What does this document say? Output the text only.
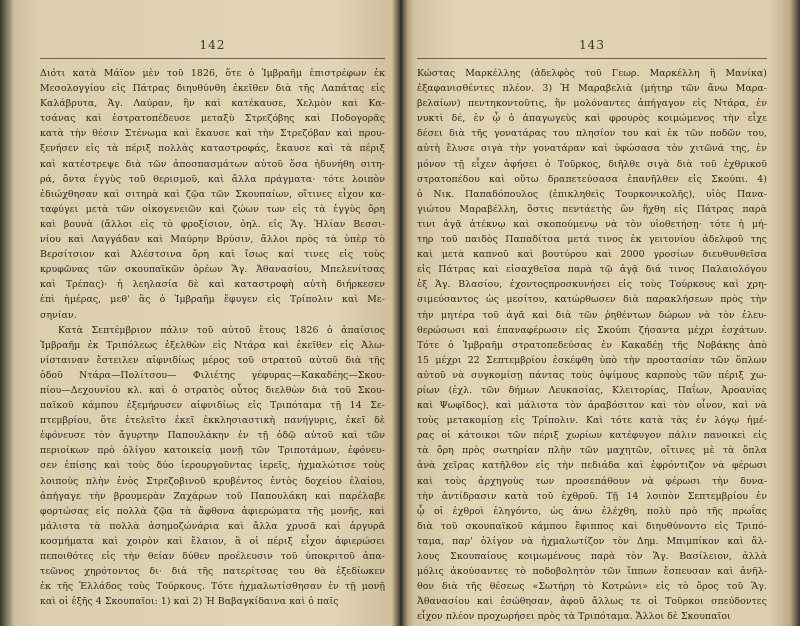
142
Διότι κατὰ Μάϊον μὲν τοῦ 1826, ὅτε ὁ Ἰμβραῆμ ἐπιστρέφων ἐκ
Μεσολογγίου εἰς Πάτρας διηυθύνθη ἐκεῖθεν διὰ τῆς Λαπάτας εἰς
Καλάβρυτα, Ἁγ. Λαύραν, ἣν καὶ κατέκαυσε, Χελμὸν καὶ Κα-
τσάνας καὶ ἐστρατοπέδευσε μεταξὺ Στρεζόβης καὶ Ποδογορᾶς
κατὰ τὴν θέσιν Στένωμα καὶ ἔκαυσε καὶ τὴν Στρεζόβαν καὶ πρου-
ξενήσεν εἰς τὰ πέριξ πολλὰς καταστροφάς, ἔκαυσε καὶ τὰ πέριξ
καὶ κατέστρεψε διὰ τῶν ἀποσπασμάτων αὐτοῦ ὅσα ἠδυνήθη σιτη-
ρά, ὄντα ἐγγὺς τοῦ θερισμοῦ, καὶ ἄλλα πράγματα· τότε λοιπὸν
ἐδιώχθησαν καὶ σιτηρὰ καὶ ζῷα τῶν Σκουπαίων, οἵτινες εἶχον κα-
ταφύγει μετὰ τῶν οἰκογενειῶν καὶ ζώων των εἰς τὰ ἐγγὺς ὄρη
καὶ βουνὰ (ἄλλοι εἰς τὸ φροξίσιον, ὀηλ. εἰς Ἅγ. Ἠλίαν Βεσσι-
νίου καὶ Λαγγάδαν καὶ Μαύρην Βρύσιν, ἄλλοι πρὸς τὰ ὑπὲρ τὸ
Βερσίτσιον καὶ Ἀλέστσινα ὄρη καὶ ἴσως καί τινες εἰς τοὺς
κρυφῶνας τῶν σκουπαϊκῶν ὀρέων Ἅγ. Ἀθανασίου, Μπελενίτσας
καὶ Τρέπας)· ἡ λεηλασία δὲ καὶ καταστροφὴ αὐτὴ διήρκεσεν
ἐπὶ ἡμέρας, μεθ' ἃς ὁ Ἰμβραῆμ ἔφυγεν εἰς Τρίπολιν καὶ Με-
σηνίαν.
Κατὰ Σεπτέμβριον πάλιν τοῦ αὐτοῦ ἔτους 1826 ὁ ἀπαίσιος
Ἰμβραῆμ ἐκ Τριπόλεως ἐξελθὼν εἰς Ντάρα καὶ ἐκεῖθεν εἰς Ἀλω-
νίσταιναν ἔστειλεν αἰφνιδίως μέρος τοῦ στρατοῦ αὐτοῦ διὰ τῆς
ὁδοῦ Ντάρα—Πολίτσου— Φιλιέτης γέφυρας—Κακαδέης—Σκου-
πίου—Δεχουνίου κλ. καὶ ὁ στρατὸς οὗτος διελθὼν διὰ τοῦ Σκου-
παϊκοῦ κάμπου ἐξεμήρυσεν αἰφνιδίως εἰς Τριπόταμα τῇ 14 Σε-
πτεμβρίου, ὅτε ἐτελεῖτο ἐκεῖ ἐκκλησιαστικὴ πανήγυρις, ἐκεῖ δὲ
ἐφόνευσε τὸν ἄγυρτην Παπουλάκην ἐν τῇ ὁδῷ αὐτοῦ καὶ τῶν
περιοίκων πρὸ ὀλίγου κατοικείᾳ μονῇ τῶν Τριποτάμων, ἐφόνευ-
σεν ἐπίσης καὶ τοὺς δύο ἱερουργοῦντας ἱερεῖς, ἠχμαλώτισε τοὺς
λοιποὺς πλὴν ἐνὸς Στρεζοβινοῦ κρυβέντος ἐντὸς δοχείου ἐλαίου,
ἀπήγαγε τὴν βρουμερὰν Ζαχάρων τοῦ Παπουλάκη καὶ παρέλαβε
φορτώσας εἰς πολλὰ ζῷα τὰ ἄφθονα ἀφιερώματα τῆς μονῆς, καὶ
μάλιστα τὰ πολλὰ ἀσημοζώνάρια καὶ ἄλλα χρυσᾶ καὶ ἀργυρᾶ
κοσμήματα καὶ χοιρὸν καὶ ἔλαιον, ἃ οἱ πέριξ εἶχον ἀφιερώσει
πεποιθότες εἰς τὴν θείαν δύθεν προέλευσιν τοῦ ὑποκριτοῦ ἀπα-
τεῶνος χηρότοντος δι· διὰ τῆς πατερίτσας του θὰ ἐξεδίωκεν
ἐκ τῆς Ἑλλάδος τοὺς Τούρκους. Τότε ἠχμαλωτίσθησαν ἐν τῇ μονῇ
καὶ οἱ ἑξῆς 4 Σκουπαῖοι: 1) καὶ 2) Ἡ Βαβαγκίδαινα καὶ ὁ παῖς
143
Κώστας Μαρκέλλης (ἀδελφὸς τοῦ Γεωρ. Μαρκέλλη ἢ Μανίκα)
ἐξαφανισθέντες πλέον. 3) Ἡ Μαραβελιὰ (μήτηρ τῶν ἄνω Μαρα-
βελαίων) πεντηκοντοῦτις, ἣν μολόναντες ἀπήγαγον εἰς Ντάρα, ἐν
νυκτὶ δέ, ἐν ᾧ ὁ ἀπαγωγεὺς καὶ φρουρὸς κοιμώμενος τὴν εἶχε
δέσει διὰ τῆς γονατάρας του πλησίον του καὶ ἐκ τῶν ποδῶν του,
αὐτὴ ἔλυσε σιγὰ τὴν γονατάραν καὶ ὑφώσασα τὸν χιτῶνά της, ἐν
μόνον τῇ εἶχεν ἀφήσει ὁ Τοῦρκος, διῆλθε σιγὰ διὰ τοῦ ἐχθρικοῦ
στρατοπέδου καὶ οὕτω δραπετεύσασα ἐπανῆλθεν εἰς Σκούπι. 4)
ὁ Νικ. Παπαδόπουλος (ἐπικληθεὶς Τουρκονικολῆς), υἱὸς Πανα-
γιώτου Μαραβέλλη, ὅστις πεντάετὴς ὢν ἤχθη εἰς Πάτρας παρὰ
τινι ἀγᾷ ἀτέκνῳ καὶ σκοπούμενῳ νὰ τὸν υἱοθετήσῃ· τότε ἡ μή-
τηρ τοῦ παιδὸς Παπαδίτσα μετά τινος ἐκ γειτονίου ἀδελφοῦ της
καὶ μετὰ καπνοῦ καὶ βουτύρου καὶ 2000 γροσίων διευθυνθεῖσα
εἰς Πάτρας καὶ εἰσαχθεῖσα παρὰ τῷ ἀγᾷ διά τινος Παλαιολόγου
ἐξ Ἁγ. Βλασίου, ἐχοντοςπροσκυνήσει εἰς τοὺς Τούρκους καὶ χρη-
σιμεύσαντος ὡς μεσίτου, κατώρθωσεν διὰ παρακλήσεων πρὸς τὴν
τὴν μητέρα τοῦ ἀγᾶ καὶ διὰ τῶν ῥηθέντων δώρων νὰ τὸν ἐλευ-
θερώσωσι καὶ ἐπαναφέρωσιν εἰς Σκούπι ζήσαντα μέχρι ἐσχάτων.
Τότε ὁ Ἰμβραῆμ στρατοπεδεύσας ἐν Κακαδέῃ τῆς Νοβάκης ἀπὸ
15 μέχρι 22 Σεπτεμβρίου ἐσκέφθη ὑπὸ τὴν προστασίαν τῶν ὅπλων
αὐτοῦ νὰ συγκομίσῃ πάντας τοὺς ὀψίμους καρποὺς τῶν πέριξ χω-
ρίων (ἐχλ. τῶν δήμων Λευκασίας, Κλειτορίας, Παΐων, Ἀροανίας
καὶ Ψωφῖδος), καὶ μάλιστα τὸν ἀραβόσιτον καὶ τὸν οἶνον, καὶ νὰ
τοὺς μετακομίσῃ εἰς Τρίπολιν. Καὶ τότε κατὰ τὰς ἐν λόγῳ ἡμέ-
ρας οἱ κάτοικοι τῶν πέριξ χωρίων κατέφυγον πάλιν πανοικεὶ εἰς
τὰ ὄρη πρὸς σωτηρίαν πλὴν τῶν μαχητῶν, οἵτινες μὲ τὰ ὅπλα
ἀνὰ χεῖρας κατῆλθον εἰς τὴν πεδιάδα καὶ ἐφρόντιζον νὰ φέρωσι
καὶ τοὺς ἀρχηγοὺς των προσεπάθουν νὰ φέρωσι τὴν δυνα-
τὴν ἀντίδρασιν κατὰ τοῦ ἐχθροῦ. Τῇ 14 λοιπὸν Σεπτεμβρίου ἐν
ᾧ οἱ ἐχθροὶ ἐληγόντο, ὡς ἀνω ἐλέχθη, πολὺ πρὸ τῆς πρωΐας
διὰ τοῦ σκουπαϊκοῦ κάμπου ἔφιππος καὶ διηυθύνοντο εἰς Τριπό-
ταμα, παρ' ὀλίγον νὰ ἠχμαλωτίζον τὸν Δημ. Μπιμπίκον καὶ ἄλ-
λους Σκουπαίους κοιμωμένους παρὰ τὸν Ἅγ. Βασίλειον, ἀλλὰ
μόλις ἀκούσαντες τὸ ποδοβολητὸν τῶν ἵππων ἔσπευσαν καὶ ἀνῆλ-
θον διὰ τῆς θέσεως «Σωτήρη τὸ Κοτρώνι» εἰς τὸ ὄρος τοῦ Ἅγ.
Ἀθανασίου καὶ ἐσώθησαν, ἀφοῦ ἄλλως τε οἱ Τοῦρκοι σπεύδοντες
εἶχον πλέον προχωρήσει πρὸς τὰ Τριπόταμα. Ἄλλοι δὲ Σκουπαῖοι
